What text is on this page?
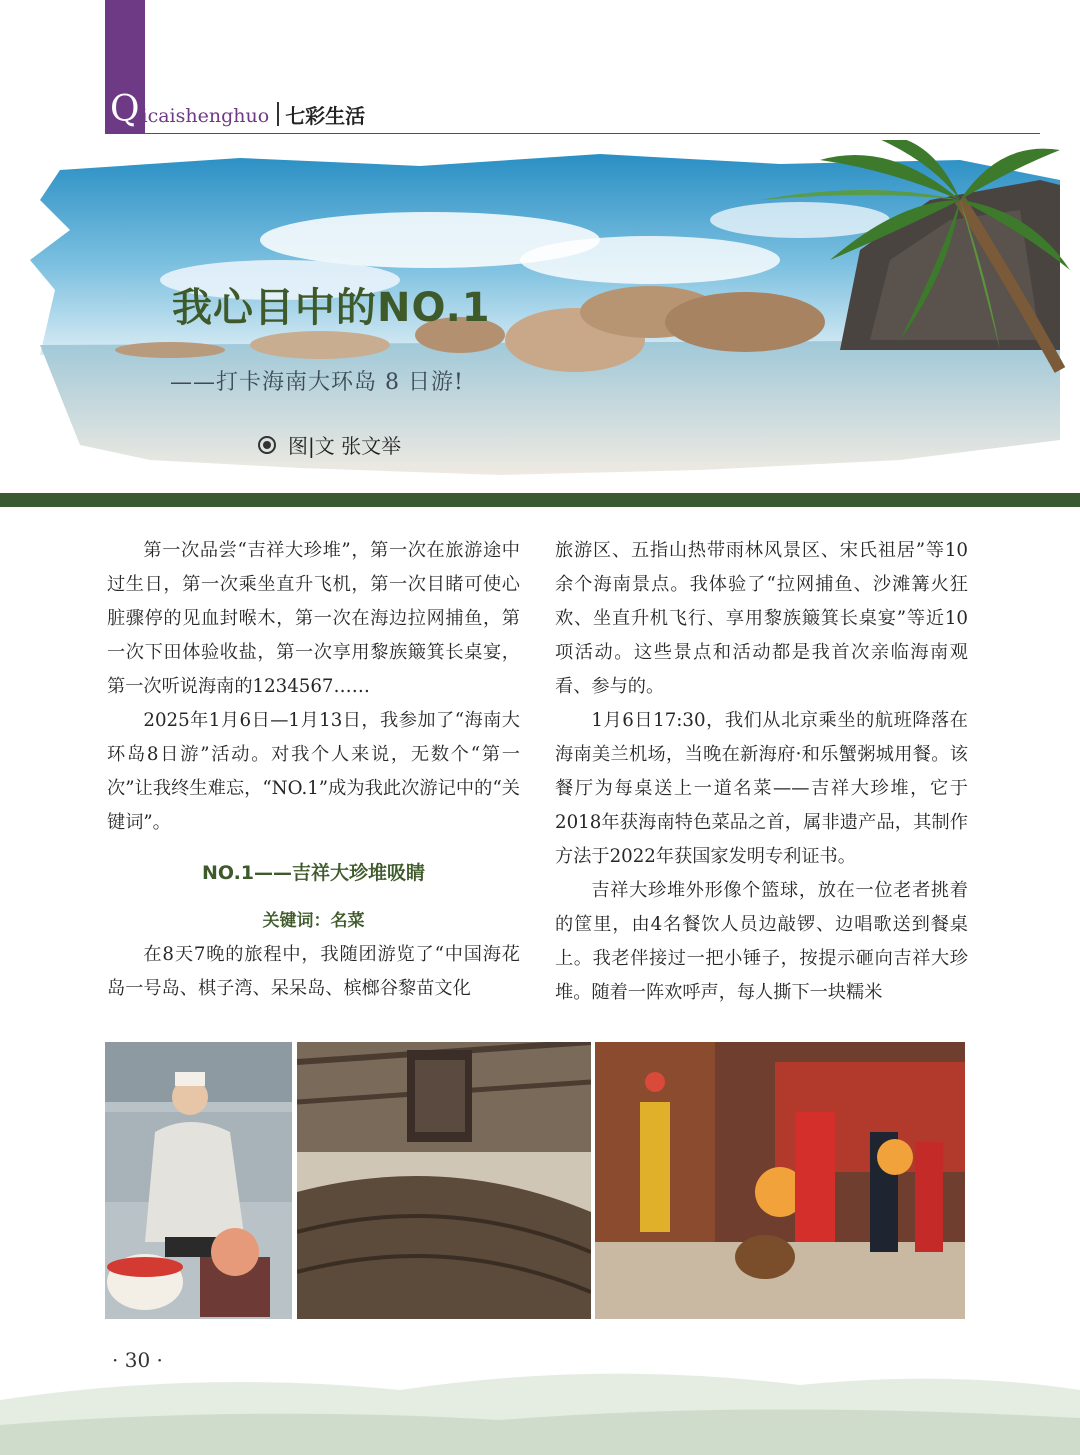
Q icaishenghuo 七彩生活
我心目中的NO.1
——打卡海南大环岛 8 日游!
图|文 张文举

第一次品尝“吉祥大珍堆”，第一次在旅游途中过生日，第一次乘坐直升飞机，第一次目睹可使心脏骤停的见血封喉木，第一次在海边拉网捕鱼，第一次下田体验收盐，第一次享用黎族簸箕长桌宴，第一次听说海南的1234567……

2025年1月6日—1月13日，我参加了“海南大环岛8日游”活动。对我个人来说，无数个“第一次”让我终生难忘，“NO.1”成为我此次游记中的“关键词”。

NO.1——吉祥大珍堆吸睛
关键词：名菜

在8天7晚的旅程中，我随团游览了“中国海花岛一号岛、棋子湾、呆呆岛、槟榔谷黎苗文化

旅游区、五指山热带雨林风景区、宋氏祖居”等10余个海南景点。我体验了“拉网捕鱼、沙滩篝火狂欢、坐直升机飞行、享用黎族簸箕长桌宴”等近10项活动。这些景点和活动都是我首次亲临海南观看、参与的。

1月6日17:30，我们从北京乘坐的航班降落在海南美兰机场，当晚在新海府·和乐蟹粥城用餐。该餐厅为每桌送上一道名菜——吉祥大珍堆，它于2018年获海南特色菜品之首，属非遗产品，其制作方法于2022年获国家发明专利证书。

吉祥大珍堆外形像个篮球，放在一位老者挑着的筐里，由4名餐饮人员边敲锣、边唱歌送到餐桌上。我老伴接过一把小锤子，按提示砸向吉祥大珍堆。随着一阵欢呼声，每人撕下一块糯米

· 30 ·
